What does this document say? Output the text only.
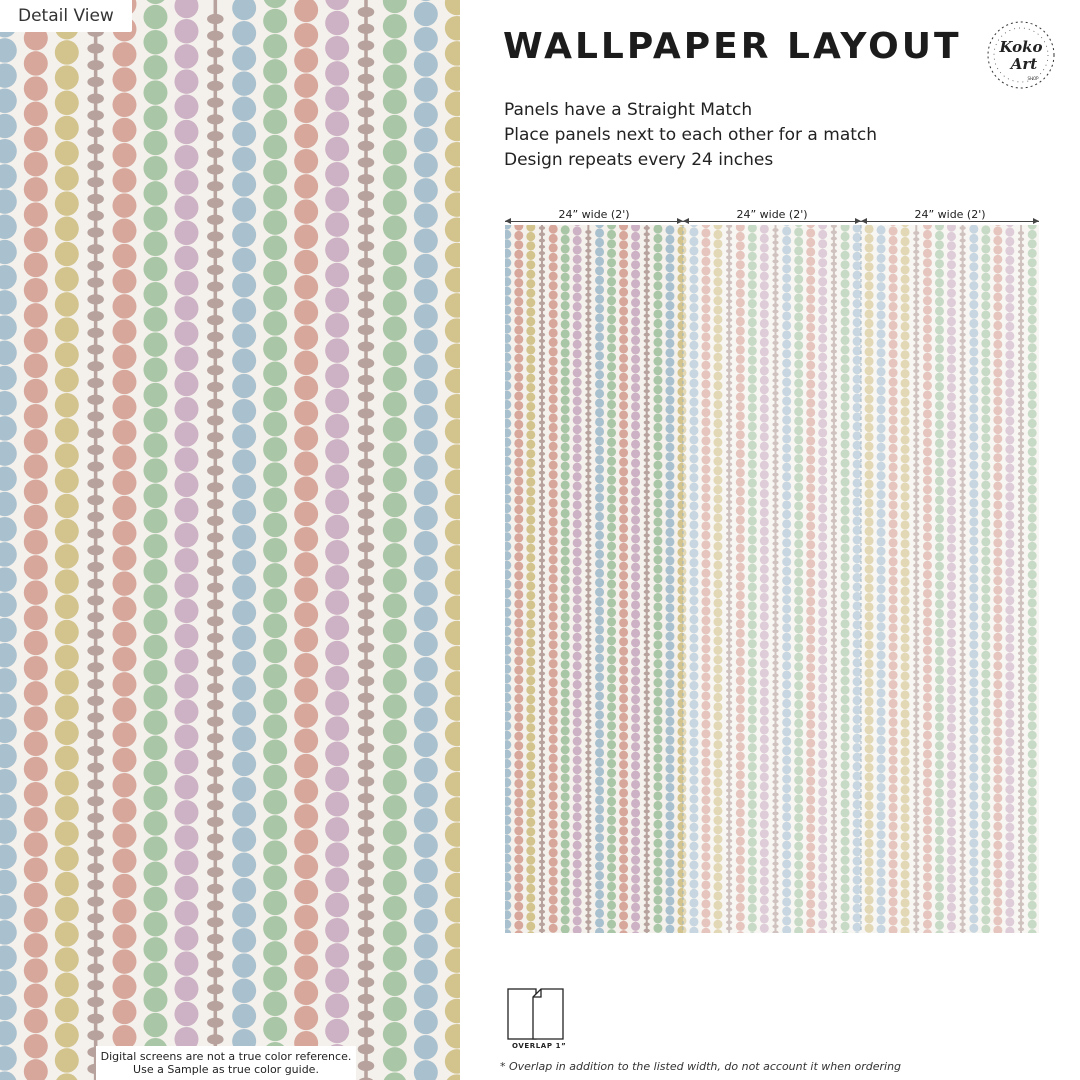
Detail View
Digital screens are not a true color reference.
Use a Sample as true color guide.
WALLPAPER LAYOUT	Koko
Art
SHOP
Panels have a Straight Match
Place panels next to each other for a match
Design repeats every 24 inches
24” wide (2')	24” wide (2')	24” wide (2')
OVERLAP 1”
* Overlap in addition to the listed width, do not account it when ordering
